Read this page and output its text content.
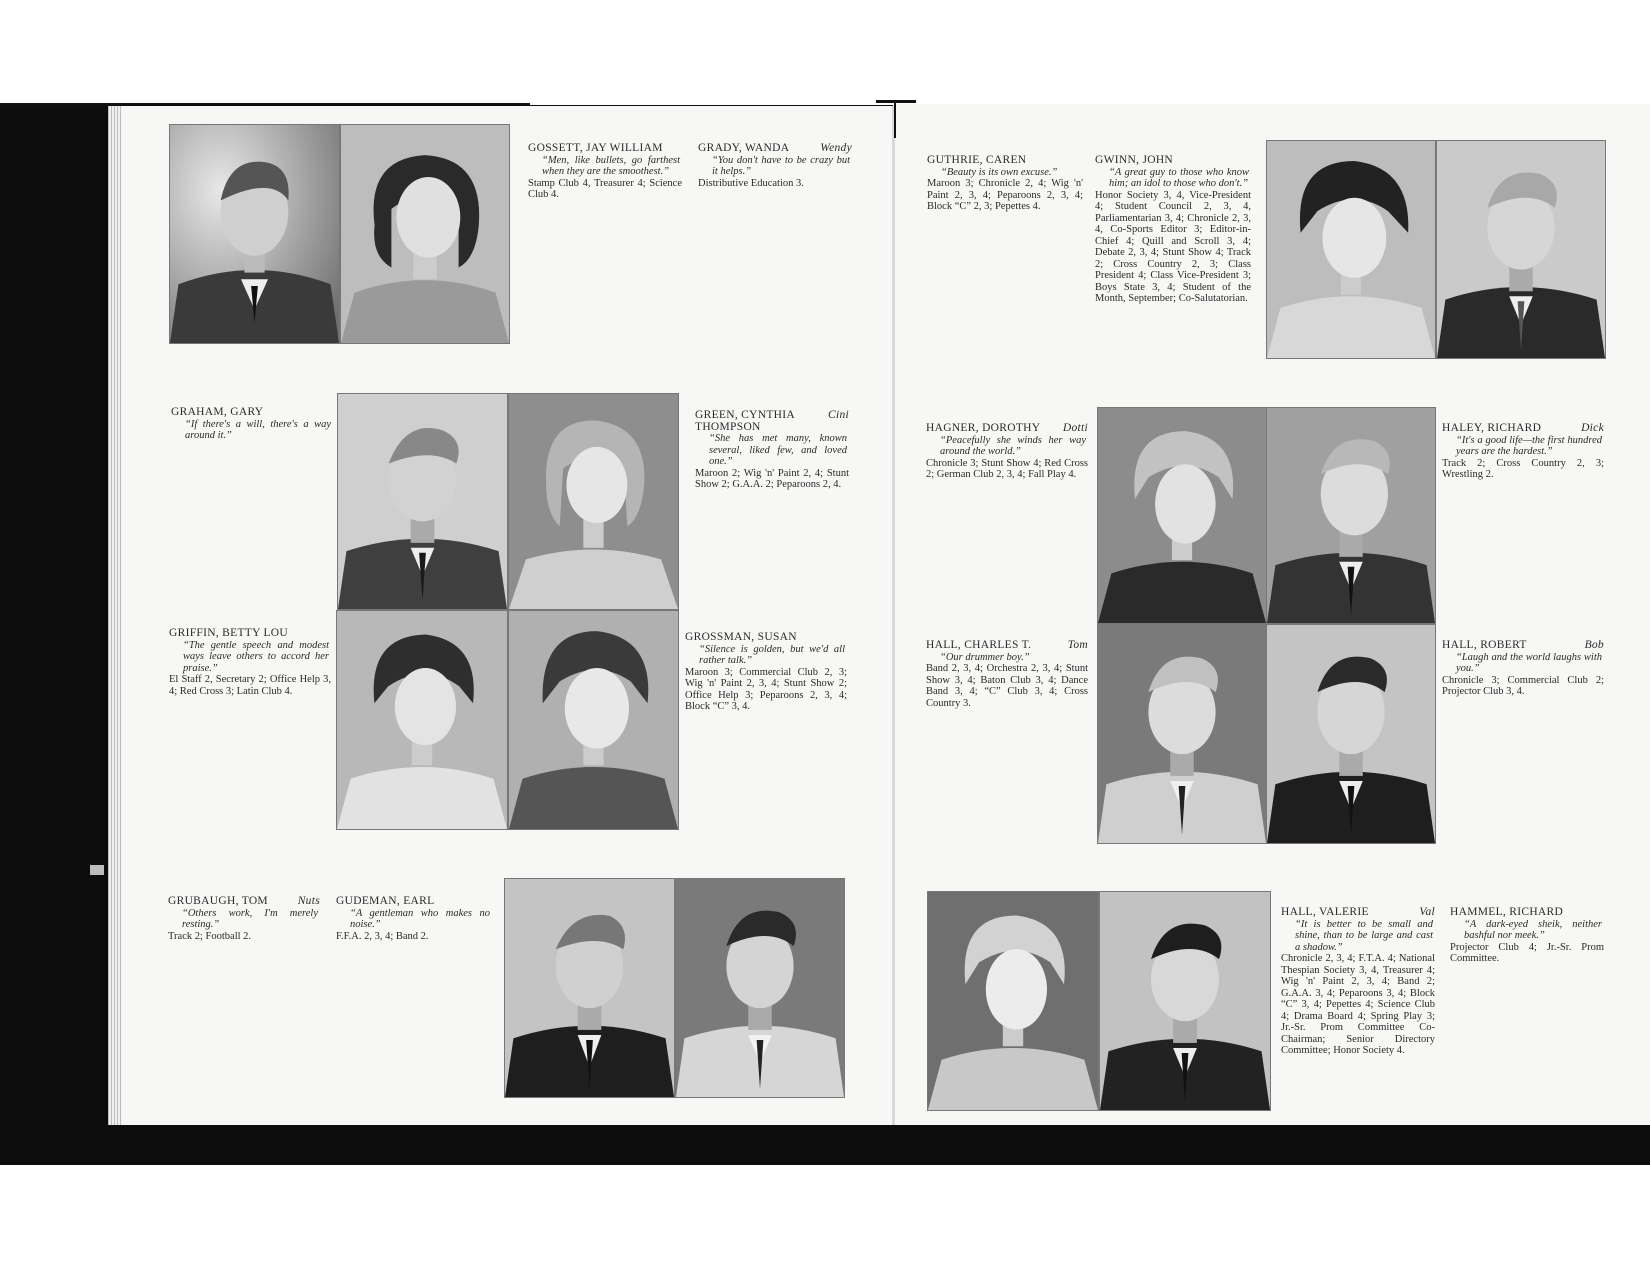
GOSSETT, JAY WILLIAM
“Men, like bullets, go farthest when they are the smoothest.”
Stamp Club 4, Treasurer 4; Science Club 4.
GRADY, WANDA	Wendy
“You don't have to be crazy but it helps.”
Distributive Education 3.
GRAHAM, GARY
“If there's a will, there's a way around it.”
GREEN, CYNTHIA THOMPSON
Cini
“She has met many, known several, liked few, and loved one.”
Maroon 2; Wig 'n' Paint 2, 4; Stunt Show 2; G.A.A. 2; Peparoons 2, 4.
GRIFFIN, BETTY LOU
“The gentle speech and modest ways leave others to accord her praise.”
El Staff 2, Secretary 2; Office Help 3, 4; Red Cross 3; Latin Club 4.
GROSSMAN, SUSAN
“Silence is golden, but we'd all rather talk.”
Maroon 3; Commercial Club 2, 3; Wig 'n' Paint 2, 3, 4; Stunt Show 2; Office Help 3; Peparoons 2, 3, 4; Block “C” 3, 4.
GRUBAUGH, TOM	Nuts
“Others work, I'm merely resting.”
Track 2; Football 2.
GUDEMAN, EARL
“A gentleman who makes no noise.”
F.F.A. 2, 3, 4; Band 2.
GUTHRIE, CAREN
“Beauty is its own excuse.”
Maroon 3; Chronicle 2, 4; Wig 'n' Paint 2, 3, 4; Peparoons 2, 3, 4; Block “C” 2, 3; Pepettes 4.
GWINN, JOHN
“A great guy to those who know him; an idol to those who don't.”
Honor Society 3, 4, Vice-President 4; Student Council 2, 3, 4, Parliamentarian 3, 4; Chronicle 2, 3, 4, Co-Sports Editor 3; Editor-in-Chief 4; Quill and Scroll 3, 4; Debate 2, 3, 4; Stunt Show 4; Track 2; Cross Country 2, 3; Class President 4; Class Vice-President 3; Boys State 3, 4; Student of the Month, September; Co-Salutatorian.
HAGNER, DOROTHY Dotti
“Peacefully she winds her way around the world.”
Chronicle 3; Stunt Show 4; Red Cross 2; German Club 2, 3, 4; Fall Play 4.
HALEY, RICHARD	Dick
“It's a good life—the first hundred years are the hardest.”
Track 2; Cross Country 2, 3; Wrestling 2.
HALL, CHARLES T.	Tom
“Our drummer boy.”
Band 2, 3, 4; Orchestra 2, 3, 4; Stunt Show 3, 4; Baton Club 3, 4; Dance Band 3, 4; “C” Club 3, 4; Cross Country 3.
HALL, ROBERT	Bob
“Laugh and the world laughs with you.”
Chronicle 3; Commercial Club 2; Projector Club 3, 4.
HALL, VALERIE	Val
“It is better to be small and shine, than to be large and cast a shadow.”
Chronicle 2, 3, 4; F.T.A. 4; National Thespian Society 3, 4, Treasurer 4; Wig 'n' Paint 2, 3, 4; Band 2; G.A.A. 3, 4; Peparoons 3, 4; Block “C” 3, 4; Pepettes 4; Science Club 4; Drama Board 4; Spring Play 3; Jr.-Sr. Prom Committee Co-Chairman; Senior Directory Committee; Honor Society 4.
HAMMEL, RICHARD
“A dark-eyed sheik, neither bashful nor meek.”
Projector Club 4; Jr.-Sr. Prom Committee.
